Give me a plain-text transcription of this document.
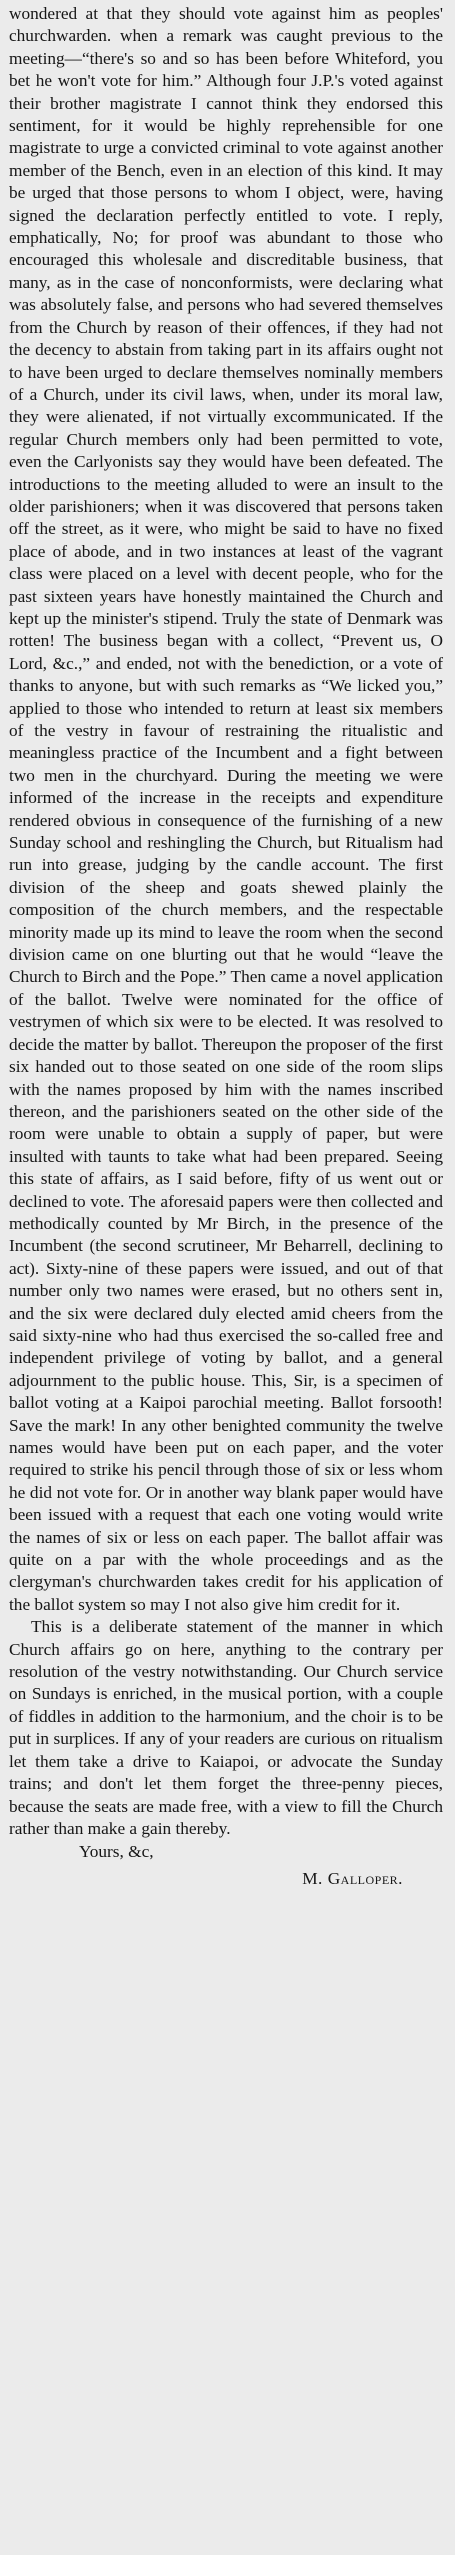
wondered at that they should vote against him as peoples' churchwarden. when a remark was caught previous to the meeting—“there's so and so has been before Whiteford, you bet he won't vote for him.” Although four J.P.'s voted against their brother magistrate I cannot think they endorsed this sentiment, for it would be highly reprehensible for one magistrate to urge a convicted criminal to vote against another member of the Bench, even in an election of this kind. It may be urged that those persons to whom I object, were, having signed the declaration perfectly entitled to vote. I reply, emphatically, No; for proof was abundant to those who encouraged this wholesale and discreditable business, that many, as in the case of nonconformists, were declaring what was absolutely false, and persons who had severed themselves from the Church by reason of their offences, if they had not the decency to abstain from taking part in its affairs ought not to have been urged to declare themselves nominally members of a Church, under its civil laws, when, under its moral law, they were alienated, if not virtually excommunicated. If the regular Church members only had been permitted to vote, even the Carlyonists say they would have been defeated. The introductions to the meeting alluded to were an insult to the older parishioners; when it was discovered that persons taken off the street, as it were, who might be said to have no fixed place of abode, and in two instances at least of the vagrant class were placed on a level with decent people, who for the past sixteen years have honestly maintained the Church and kept up the minister's stipend. Truly the state of Denmark was rotten! The business began with a collect, “Prevent us, O Lord, &c.,” and ended, not with the benediction, or a vote of thanks to anyone, but with such remarks as “We licked you,” applied to those who intended to return at least six members of the vestry in favour of restraining the ritualistic and meaningless practice of the Incumbent and a fight between two men in the churchyard. During the meeting we were informed of the increase in the receipts and expenditure rendered obvious in consequence of the furnishing of a new Sunday school and reshingling the Church, but Ritualism had run into grease, judging by the candle account. The first division of the sheep and goats shewed plainly the composition of the church members, and the respectable minority made up its mind to leave the room when the second division came on one blurting out that he would “leave the Church to Birch and the Pope.” Then came a novel application of the ballot. Twelve were nominated for the office of vestrymen of which six were to be elected. It was resolved to decide the matter by ballot. Thereupon the proposer of the first six handed out to those seated on one side of the room slips with the names proposed by him with the names inscribed thereon, and the parishioners seated on the other side of the room were unable to obtain a supply of paper, but were insulted with taunts to take what had been prepared. Seeing this state of affairs, as I said before, fifty of us went out or declined to vote. The aforesaid papers were then collected and methodically counted by Mr Birch, in the presence of the Incumbent (the second scrutineer, Mr Beharrell, declining to act). Sixty-nine of these papers were issued, and out of that number only two names were erased, but no others sent in, and the six were declared duly elected amid cheers from the said sixty-nine who had thus exercised the so-called free and independent privilege of voting by ballot, and a general adjournment to the public house. This, Sir, is a specimen of ballot voting at a Kaipoi parochial meeting. Ballot forsooth! Save the mark! In any other benighted community the twelve names would have been put on each paper, and the voter required to strike his pencil through those of six or less whom he did not vote for. Or in another way blank paper would have been issued with a request that each one voting would write the names of six or less on each paper. The ballot affair was quite on a par with the whole proceedings and as the clergyman's churchwarden takes credit for his application of the ballot system so may I not also give him credit for it.

This is a deliberate statement of the manner in which Church affairs go on here, anything to the contrary per resolution of the vestry notwithstanding. Our Church service on Sundays is enriched, in the musical portion, with a couple of fiddles in addition to the harmonium, and the choir is to be put in surplices. If any of your readers are curious on ritualism let them take a drive to Kaiapoi, or advocate the Sunday trains; and don't let them forget the three-penny pieces, because the seats are made free, with a view to fill the Church rather than make a gain thereby.

Yours, &c,

M. Galloper.
